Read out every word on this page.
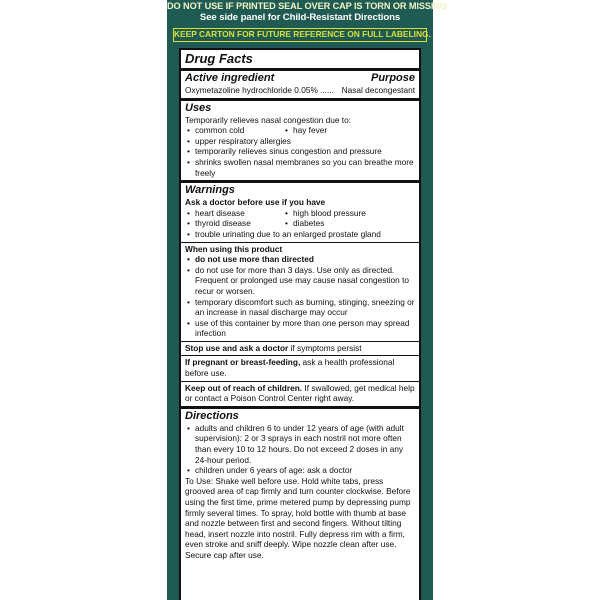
DO NOT USE IF PRINTED SEAL OVER CAP IS TORN OR MISSING
See side panel for Child-Resistant Directions
KEEP CARTON FOR FUTURE REFERENCE ON FULL LABELING.
Drug Facts
Active ingredient	Purpose
Oxymetazoline hydrochloride 0.05% ...... Nasal decongestant
Uses
Temporarily relieves nasal congestion due to:
• common cold	• hay fever
• upper respiratory allergies
• temporarily relieves sinus congestion and pressure
• shrinks swollen nasal membranes so you can breathe more freely
Warnings
Ask a doctor before use if you have
• heart disease	• high blood pressure
• thyroid disease	• diabetes
• trouble urinating due to an enlarged prostate gland
When using this product
• do not use more than directed
• do not use for more than 3 days. Use only as directed. Frequent or prolonged use may cause nasal congestion to recur or worsen.
• temporary discomfort such as burning, stinging, sneezing or an increase in nasal discharge may occur
• use of this container by more than one person may spread infection

Stop use and ask a doctor if symptoms persist

If pregnant or breast-feeding, ask a health professional before use.

Keep out of reach of children. If swallowed, get medical help or contact a Poison Control Center right away.

Directions
• adults and children 6 to under 12 years of age (with adult supervision): 2 or 3 sprays in each nostril not more often than every 10 to 12 hours. Do not exceed 2 doses in any 24-hour period.
• children under 6 years of age: ask a doctor

To Use: Shake well before use. Hold white tabs, press grooved area of cap firmly and turn counter clockwise. Before using the first time, prime metered pump by depressing pump firmly several times. To spray, hold bottle with thumb at base and nozzle between first and second fingers. Without tilting head, insert nozzle into nostril. Fully depress rim with a firm, even stroke and sniff deeply. Wipe nozzle clean after use. Secure cap after use.
